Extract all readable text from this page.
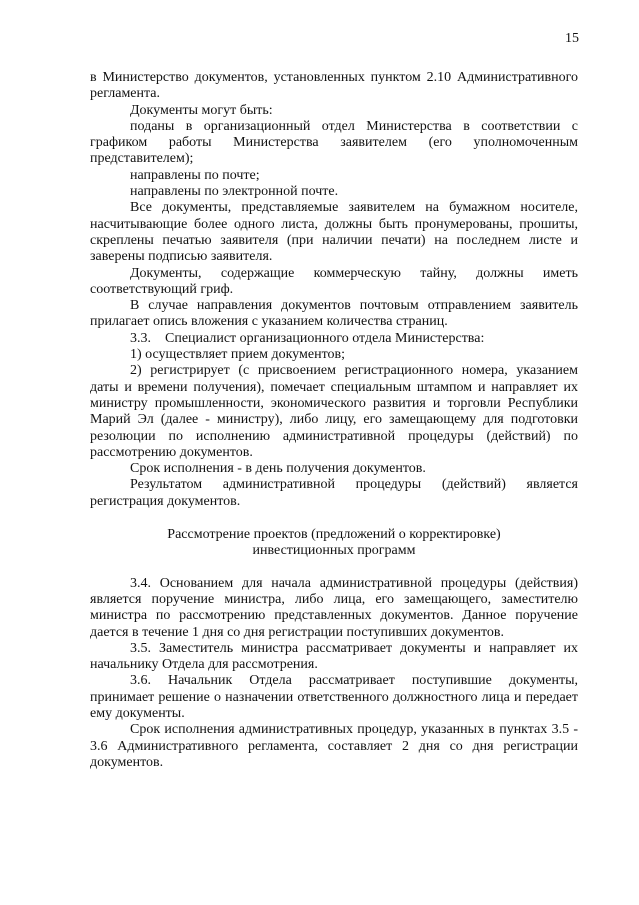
15

в Министерство документов, установленных пунктом 2.10 Административного регламента.

Документы могут быть:

поданы в организационный отдел Министерства в соответствии с графиком работы Министерства заявителем (его уполномоченным представителем);

направлены по почте;

направлены по электронной почте.

Все документы, представляемые заявителем на бумажном носителе, насчитывающие более одного листа, должны быть пронумерованы, прошиты, скреплены печатью заявителя (при наличии печати) на последнем листе и заверены подписью заявителя.

Документы, содержащие коммерческую тайну, должны иметь соответствующий гриф.

В случае направления документов почтовым отправлением заявитель прилагает опись вложения с указанием количества страниц.

3.3. Специалист организационного отдела Министерства:

1) осуществляет прием документов;

2) регистрирует (с присвоением регистрационного номера, указанием даты и времени получения), помечает специальным штампом и направляет их министру промышленности, экономического развития и торговли Республики Марий Эл (далее - министру), либо лицу, его замещающему для подготовки резолюции по исполнению административной процедуры (действий) по рассмотрению документов.

Срок исполнения - в день получения документов.

Результатом административной процедуры (действий) является регистрация документов.

Рассмотрение проектов (предложений о корректировке)
инвестиционных программ

3.4. Основанием для начала административной процедуры (действия) является поручение министра, либо лица, его замещающего, заместителю министра по рассмотрению представленных документов. Данное поручение дается в течение 1 дня со дня регистрации поступивших документов.

3.5. Заместитель министра рассматривает документы и направляет их начальнику Отдела для рассмотрения.

3.6. Начальник Отдела рассматривает поступившие документы, принимает решение о назначении ответственного должностного лица и передает ему документы.

Срок исполнения административных процедур, указанных в пунктах 3.5 - 3.6 Административного регламента, составляет 2 дня со дня регистрации документов.
